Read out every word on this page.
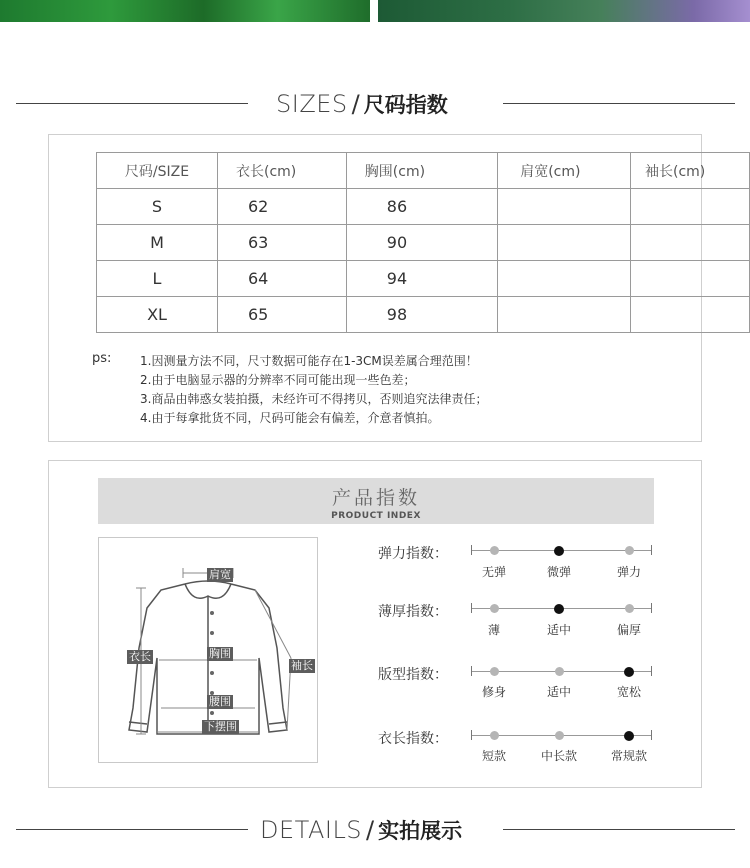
SIZES / 尺码指数
尺码/SIZE	衣长(cm)	胸围(cm)	肩宽(cm)	袖长(cm)
S	62	86		
M	63	90		
L	64	94		
XL	65	98		
ps: 1.因测量方法不同，尺寸数据可能存在1-3CM误差属合理范围！
2.由于电脑显示器的分辨率不同可能出现一些色差；
3.商品由韩惑女装拍摄，未经许可不得拷贝，否则追究法律责任；
4.由于每拿批货不同，尺码可能会有偏差，介意者慎拍。
产品指数
PRODUCT INDEX
肩宽
衣长	胸围
袖长
腰围
下摆围
弹力指数：
无弹	微弹	弹力
薄厚指数：
薄	适中	偏厚
版型指数：
修身	适中	宽松
衣长指数：
短款	中长款	常规款
DETAILS / 实拍展示
